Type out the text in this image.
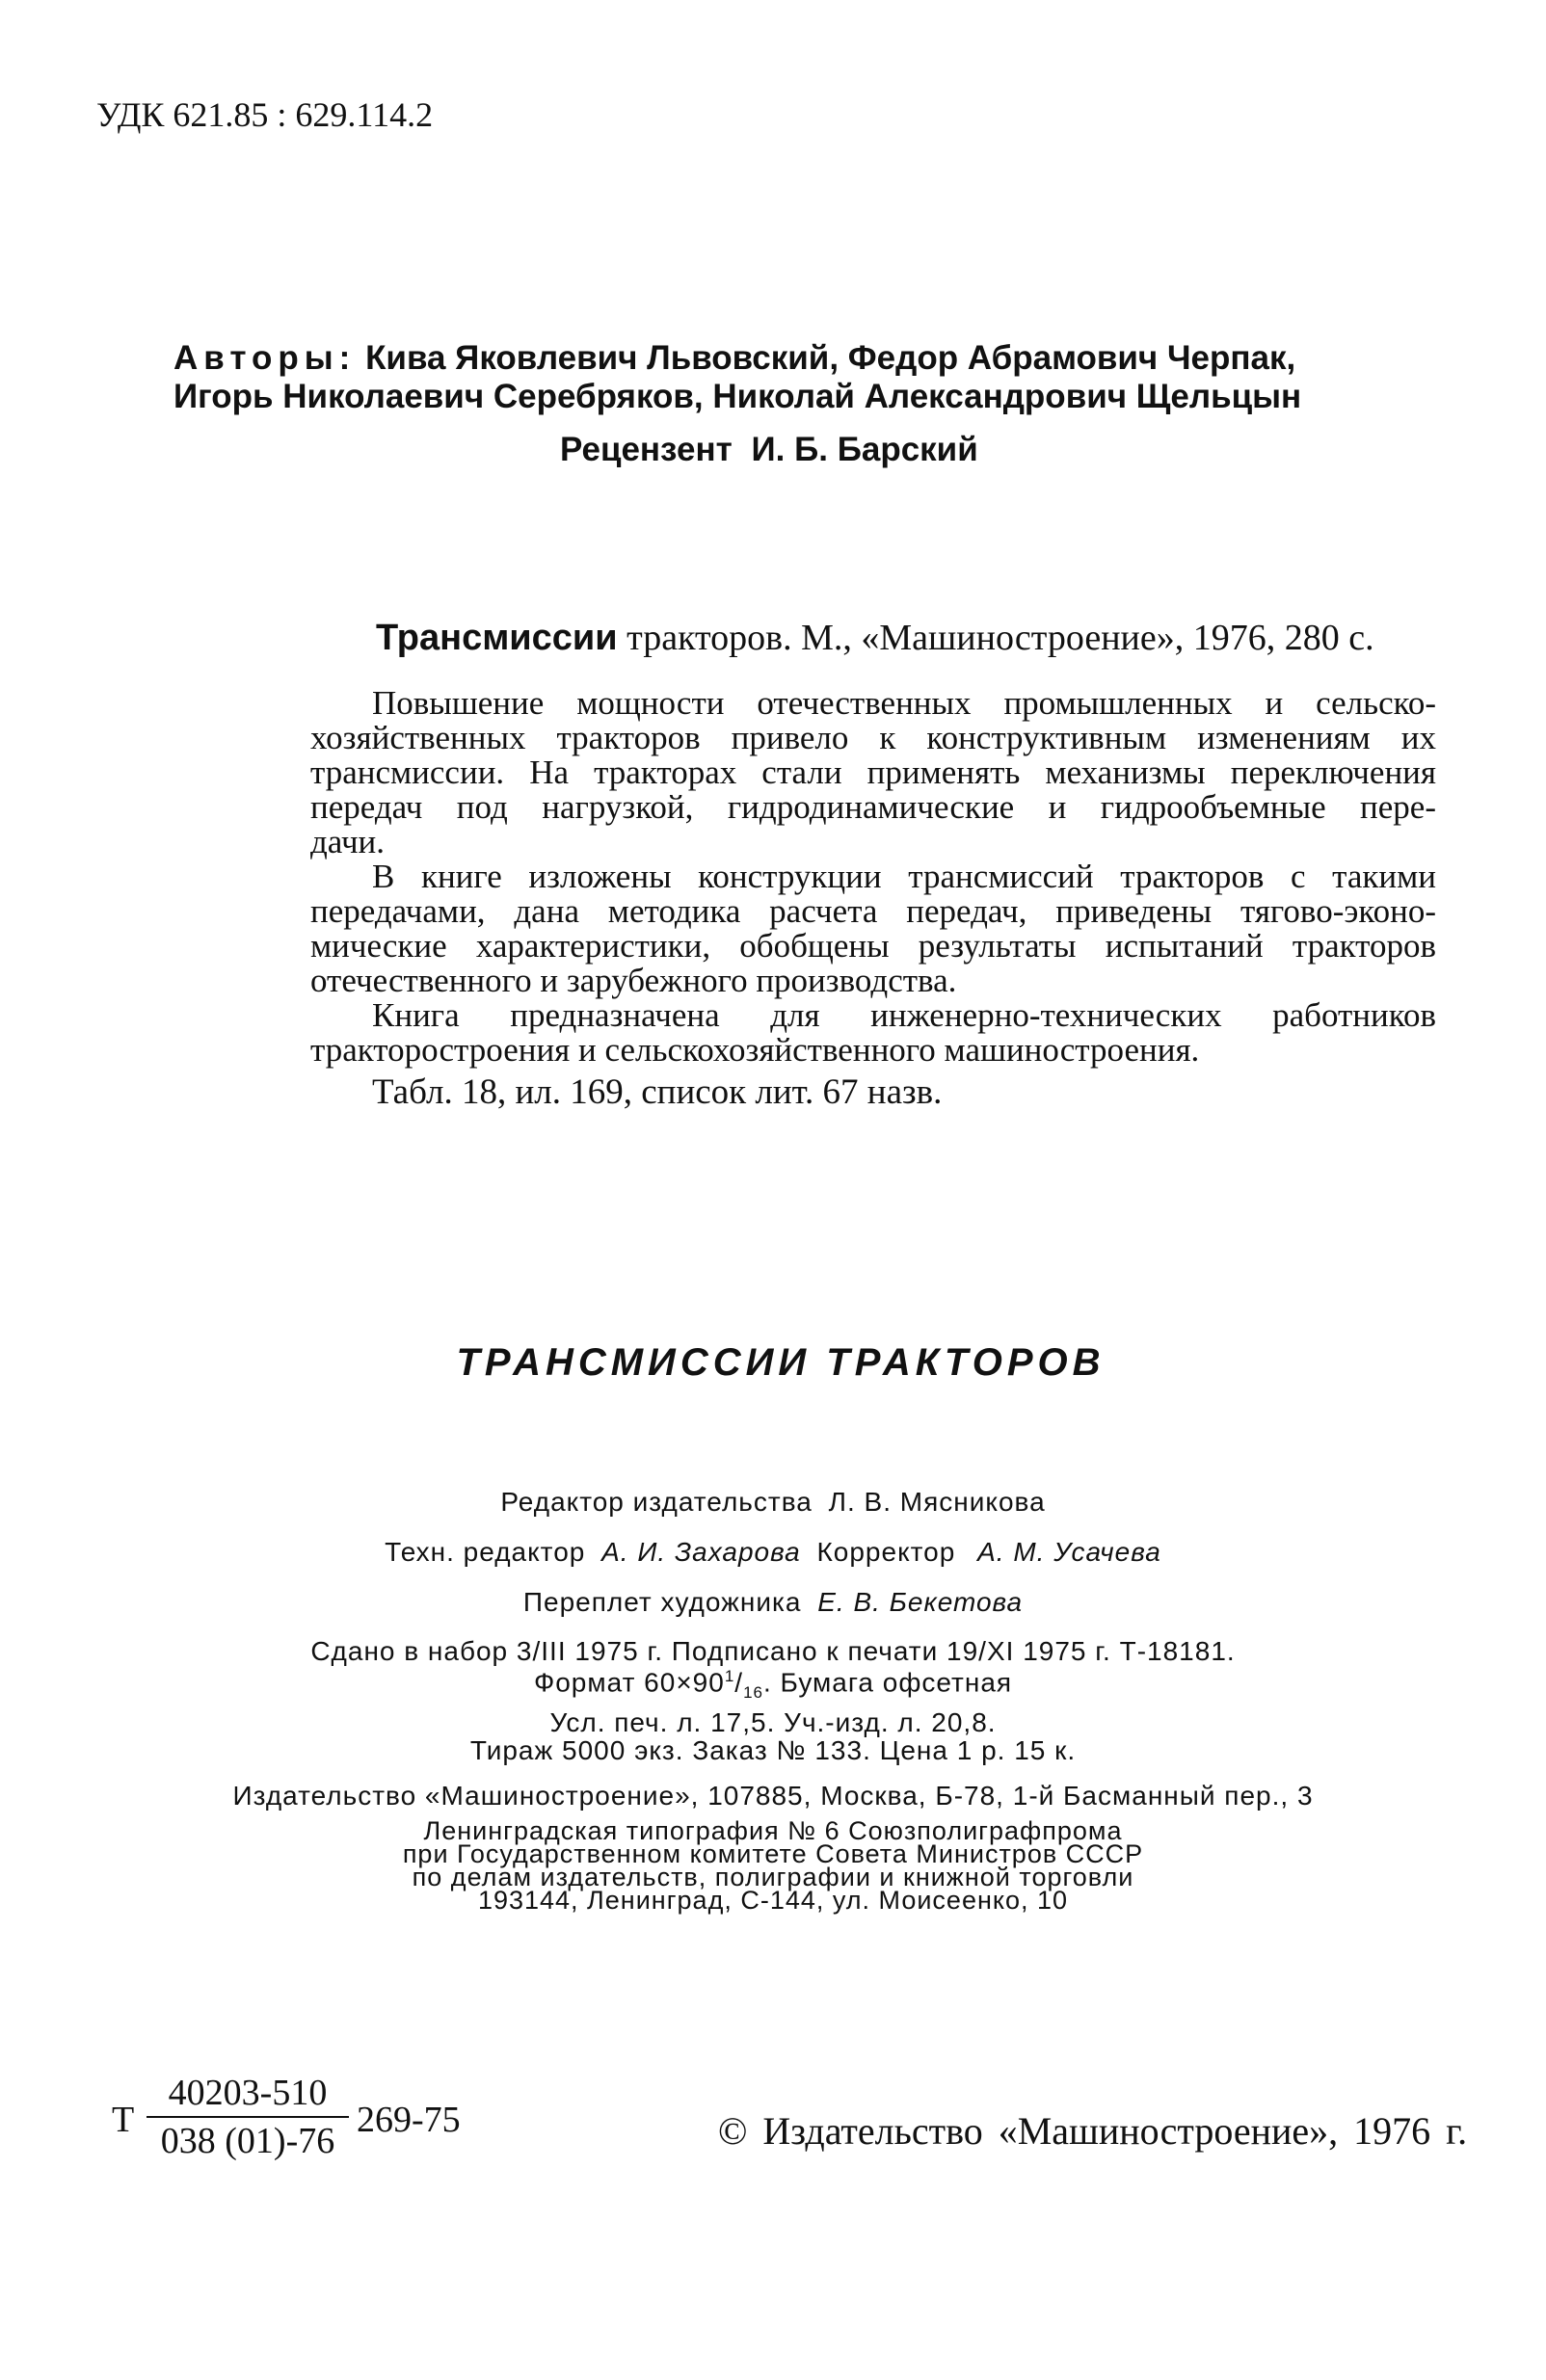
УДК 621.85 : 629.114.2
Авторы: Кива Яковлевич Львовский, Федор Абрамович Черпак,
Игорь Николаевич Серебряков, Николай Александрович Щельцын
Рецензент И. Б. Барский
Трансмиссии тракторов. М., «Машиностроение», 1976, 280 с.
Повышение мощности отечественных промышленных и сельско-
хозяйственных тракторов привело к конструктивным изменениям их
трансмиссии. На тракторах стали применять механизмы переключения
передач под нагрузкой, гидродинамические и гидрообъемные пере-
дачи.
В книге изложены конструкции трансмиссий тракторов с такими
передачами, дана методика расчета передач, приведены тягово-эконо-
мические характеристики, обобщены результаты испытаний тракторов
отечественного и зарубежного производства.
Книга предназначена для инженерно-технических работников
тракторостроения и сельскохозяйственного машиностроения.
Табл. 18, ил. 169, список лит. 67 назв.
ТРАНСМИССИИ ТРАКТОРОВ
Редактор издательства Л. В. Мясникова
Техн. редактор А. И. Захарова Корректор А. М. Усачева
Переплет художника Е. В. Бекетова
Сдано в набор 3/III 1975 г. Подписано к печати 19/XI 1975 г. Т-18181.
Формат $60\times 90^1/_{16}$. Бумага офсетная
Усл. печ. л. 17,5. Уч.-изд. л. 20,8.
Тираж 5000 экз. Заказ № 133. Цена 1 р. 15 к.
Издательство «Машиностроение», 107885, Москва, Б-78, 1-й Басманный пер., 3
Ленинградская типография № 6 Союзполиграфпрома
при Государственном комитете Совета Министров СССР
по делам издательств, полиграфии и книжной торговли
193144, Ленинград, С-144, ул. Моисеенко, 10
Т $\frac{40203-510}{038 (01)-76} 269-75$	© Издательство «Машиностроение», 1976 г.
